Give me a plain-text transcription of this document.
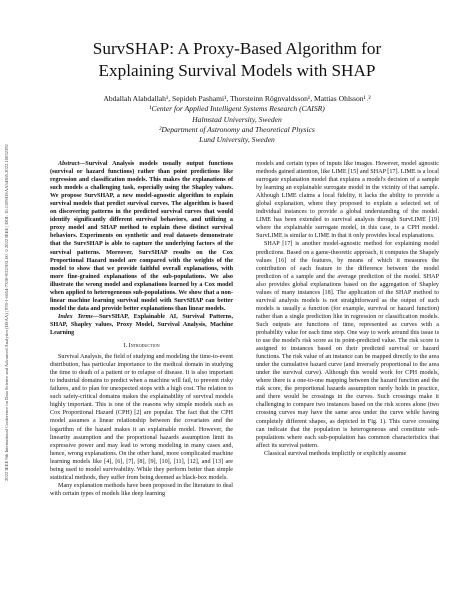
2022 IEEE 9th International Conference on Data Science and Advanced Analytics (DSAA) | 978-1-6654-7330-9/22/$31.00 ©2022 IEEE | DOI: 10.1109/DSAA54385.2022.10032392
SurvSHAP: A Proxy-Based Algorithm for
Explaining Survival Models with SHAP
Abdallah Alabdallah¹, Sepideh Pashami¹, Thorsteinn Rögnvaldsson¹, Mattias Ohlsson¹˒²
¹Center for Applied Intelligent Systems Research (CAISR)
Halmstad University, Sweden
²Department of Astronomy and Theoretical Physics
Lund University, Sweden

Abstract—Survival Analysis models usually output functions (survival or hazard functions) rather than point predictions like regression and classification models. This makes the explanations of such models a challenging task, especially using the Shapley values. We propose SurvSHAP, a new model-agnostic algorithm to explain survival models that predict survival curves. The algorithm is based on discovering patterns in the predicted survival curves that would identify significantly different survival behaviors, and utilizing a proxy model and SHAP method to explain these distinct survival behaviors. Experiments on synthetic and real datasets demonstrate that the SurvSHAP is able to capture the underlying factors of the survival patterns. Moreover, SurvSHAP results on the Cox Proportional Hazard model are compared with the weights of the model to show that we provide faithful overall explanations, with more fine-grained explanations of the sub-populations. We also illustrate the wrong model and explanations learned by a Cox model when applied to heterogeneous sub-populations. We show that a non-linear machine learning survival model with SurvSHAP can better model the data and provide better explanations than linear models.

Index Terms—SurvSHAP, Explainable AI, Survival Patterns, SHAP, Shapley values, Proxy Model, Survival Analysis, Machine Learning

I. Introduction

Survival Analysis, the field of studying and modeling the time-to-event distribution, has particular importance to the medical domain in studying the time to death of a patient or to relapse of disease. It is also important to industrial domains to predict when a machine will fail, to prevent risky failures, and to plan for unexpected stops with a high cost. The relation to such safety-critical domains makes the explainability of survival models highly important. This is one of the reasons why simple models such as Cox Proportional Hazard (CPH) [2] are popular. The fact that the CPH model assumes a linear relationship between the covariates and the logarithm of the hazard makes it an explainable model. However, the linearity assumption and the proportional hazards assumption limit its expressive power and may lead to wrong modeling in many cases and, hence, wrong explanations. On the other hand, more complicated machine learning models like [4], [6], [7], [8], [9], [10], [11], [12], and [13] are being used to model survivability. While they perform better than simple statistical methods, they suffer from being deemed as black-box models.

Many explanation methods have been proposed in the literature to deal with certain types of models like deep learning

models and certain types of inputs like images. However, model agnostic methods gained attention, like LIME [15] and SHAP [17]. LIME is a local surrogate explanation model that explains a model's decision of a sample by learning an explainable surrogate model in the vicinity of that sample. Although LIME claims a local fidelity, it lacks the ability to provide a global explanation, where they proposed to explain a selected set of individual instances to provide a global understanding of the model. LIME has been extended to survival analysis through SurvLIME [19] where the explainable surrogate model, in this case, is a CPH model. SurvLIME is similar to LIME in that it only provides local explanations.

SHAP [17] is another model-agnostic method for explaining model predictions. Based on a game-theoretic approach, it computes the Shapely values [16] of the features, by means of which it measures the contribution of each feature to the difference between the model prediction of a sample and the average prediction of the model. SHAP also provides global explanations based on the aggregation of Shapley values of many instances [18]. The application of the SHAP method to survival analysis models is not straightforward as the output of such models is usually a function (for example, survival or hazard function) rather than a single prediction like in regression or classification models. Such outputs are functions of time, represented as curves with a probability value for each time step. One way to work around this issue is to use the model's risk score as its point-predicted value. The risk score is assigned to instances based on their predicted survival or hazard functions. The risk value of an instance can be mapped directly to the area under the cumulative hazard curve (and inversely proportional to the area under the survival curve). Although this would work for CPH models, where there is a one-to-one mapping between the hazard function and the risk score, the proportional hazards assumption rarely holds in practice, and there would be crossings in the curves. Such crossings make it challenging to compare two instances based on the risk scores alone (two crossing curves may have the same area under the curve while having completely different shapes, as depicted in Fig. 1). This curve crossing can indicate that the population is heterogeneous and constitute sub-populations where each sub-population has common characteristics that affect its survival pattern.

Classical survival methods implicitly or explicitly assume
